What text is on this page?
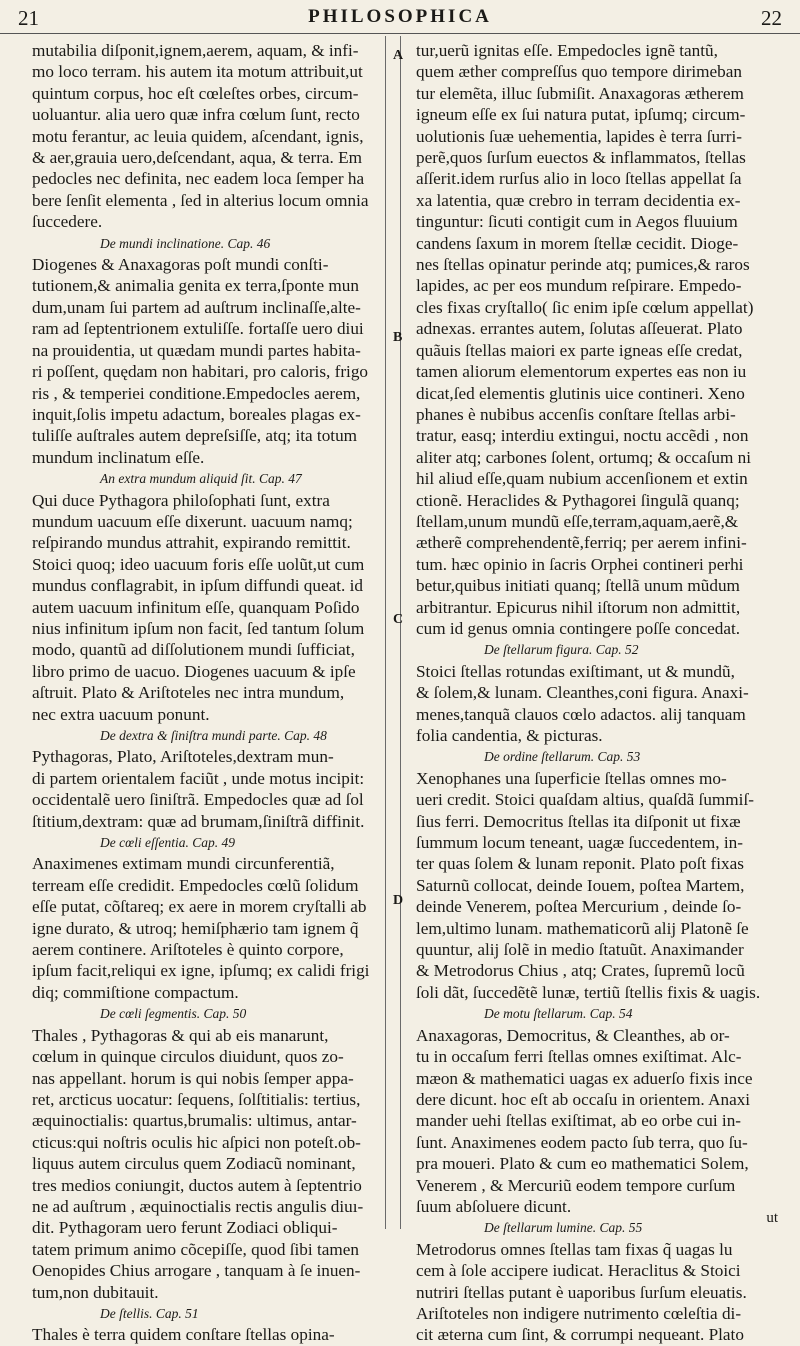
21	PHILOSOPHICA	22
A
B
C
D
mutabilia diſponit,ignem,aerem, aquam, & infi-
mo loco terram. his autem ita motum attribuit,ut
quintum corpus, hoc eſt cœleſtes orbes, circum-
uoluantur. alia uero quæ infra cœlum ſunt, recto
motu ferantur, ac leuia quidem, aſcendant, ignis,
& aer,grauia uero,deſcendant, aqua, & terra. Em
pedocles nec definita, nec eadem loca ſemper ha
bere ſenſit elementa , ſed in alterius locum omnia
ſuccedere.
De mundi inclinatione. Cap. 46
Diogenes & Anaxagoras poſt mundi conſti-
tutionem,& animalia genita ex terra,ſponte mun
dum,unam ſui partem ad auſtrum inclinaſſe,alte-
ram ad ſeptentrionem extuliſſe. fortaſſe uero diui
na prouidentia, ut quædam mundi partes habita-
ri poſſent, quędam non habitari, pro caloris, frigo
ris , & temperiei conditione.Empedocles aerem,
inquit,ſolis impetu adactum, boreales plagas ex-
tuliſſe auſtrales autem depreſsiſſe, atq; ita totum
mundum inclinatum eſſe.
An extra mundum aliquid ſit. Cap. 47
Qui duce Pythagora philoſophati ſunt, extra
mundum uacuum eſſe dixerunt. uacuum namq;
reſpirando mundus attrahit, expirando remittit.
Stoici quoq; ideo uacuum foris eſſe uolũt,ut cum
mundus conflagrabit, in ipſum diffundi queat. id
autem uacuum infinitum eſſe, quanquam Poſido
nius infinitum ipſum non facit, ſed tantum ſolum
modo, quantũ ad diſſolutionem mundi ſufficiat,
libro primo de uacuo. Diogenes uacuum & ipſe
aſtruit. Plato & Ariſtoteles nec intra mundum,
nec extra uacuum ponunt.
De dextra & ſiniſtra mundi parte. Cap. 48
Pythagoras, Plato, Ariſtoteles,dextram mun-
di partem orientalem faciũt , unde motus incipit:
occidentalẽ uero ſiniſtrã. Empedocles quæ ad ſol
ſtitium,dextram: quæ ad brumam,ſiniſtrã diffinit.
De cœli eſſentia. Cap. 49
Anaximenes extimam mundi circunferentiã,
terream eſſe credidit. Empedocles cœlũ ſolidum
eſſe putat, cõſtareq; ex aere in morem cryſtalli ab
igne durato, & utroq; hemiſphærio tam ignem q̃
aerem continere. Ariſtoteles è quinto corpore,
ipſum facit,reliqui ex igne, ipſumq; ex calidi frigi
diq; commiſtione compactum.
De cœli ſegmentis. Cap. 50
Thales , Pythagoras & qui ab eis manarunt,
cœlum in quinque circulos diuidunt, quos zo-
nas appellant. horum is qui nobis ſemper appa-
ret, arcticus uocatur: ſequens, ſolſtitialis: tertius,
æquinoctialis: quartus,brumalis: ultimus, antar-
cticus:qui noſtris oculis hic aſpici non poteſt.ob-
liquus autem circulus quem Zodiacũ nominant,
tres medios coniungit, ductos autem à ſeptentrio
ne ad auſtrum , æquinoctialis rectis angulis diuı-
dit. Pythagoram uero ferunt Zodiaci obliqui-
tatem primum animo cõcepiſſe, quod ſibi tamen
Oenopides Chius arrogare , tanquam à ſe inuen-
tum,non dubitauit.
De ſtellis. Cap. 51
Thales è terra quidem conſtare ſtellas opina-
tur,uerũ ignitas eſſe. Empedocles ignẽ tantũ,
quem æther compreſſus quo tempore dirimeban
tur elemẽta, illuc ſubmiſit. Anaxagoras ætherem
igneum eſſe ex ſui natura putat, ipſumq; circum-
uolutionis ſuæ uehementia, lapides è terra ſurri-
perẽ,quos ſurſum euectos & inflammatos, ſtellas
aſſerit.idem rurſus alio in loco ſtellas appellat ſa
xa latentia, quæ crebro in terram decidentia ex-
tinguntur: ſicuti contigit cum in Aegos fluuium
candens ſaxum in morem ſtellæ cecidit. Dioge-
nes ſtellas opinatur perinde atq; pumices,& raros
lapides, ac per eos mundum reſpirare. Empedo-
cles fixas cryſtallo( ſic enim ipſe cœlum appellat)
adnexas. errantes autem, ſolutas aſſeuerat. Plato
quãuis ſtellas maiori ex parte igneas eſſe credat,
tamen aliorum elementorum expertes eas non iu
dicat,ſed elementis glutinis uice contineri. Xeno
phanes è nubibus accenſis conſtare ſtellas arbi-
tratur, easq; interdiu extingui, noctu accẽdi , non
aliter atq; carbones ſolent, ortumq; & occaſum ni
hil aliud eſſe,quam nubium accenſionem et extin
ctionẽ. Heraclides & Pythagorei ſingulã quanq;
ſtellam,unum mundũ eſſe,terram,aquam,aerẽ,&
ætherẽ comprehendentẽ,ferriq; per aerem infini-
tum. hæc opinio in ſacris Orphei contineri perhi
betur,quibus initiati quanq; ſtellã unum mũdum
arbitrantur. Epicurus nihil iſtorum non admittit,
cum id genus omnia contingere poſſe concedat.
De ſtellarum figura. Cap. 52
Stoici ſtellas rotundas exiſtimant, ut & mundũ,
& ſolem,& lunam. Cleanthes,coni figura. Anaxi-
menes,tanquã clauos cœlo adactos. alij tanquam
folia candentia, & picturas.
De ordine ſtellarum. Cap. 53
Xenophanes una ſuperficie ſtellas omnes mo-
ueri credit. Stoici quaſdam altius, quaſdã ſummiſ-
ſius ferri. Democritus ſtellas ita diſponit ut fixæ
ſummum locum teneant, uagæ ſuccedentem, in-
ter quas ſolem & lunam reponit. Plato poſt fixas
Saturnũ collocat, deinde Iouem, poſtea Martem,
deinde Venerem, poſtea Mercurium , deinde ſo-
lem,ultimo lunam. mathematicorũ alij Platonẽ ſe
quuntur, alij ſolẽ in medio ſtatuũt. Anaximander
& Metrodorus Chius , atq; Crates, ſupremũ locũ
ſoli dãt, ſuccedẽtẽ lunæ, tertiũ ſtellis fixis & uagis.
De motu ſtellarum. Cap. 54
Anaxagoras, Democritus, & Cleanthes, ab or-
tu in occaſum ferri ſtellas omnes exiſtimat. Alc-
mæon & mathematici uagas ex aduerſo fixis ince
dere dicunt. hoc eſt ab occaſu in orientem. Anaxi
mander uehi ſtellas exiſtimat, ab eo orbe cui in-
ſunt. Anaximenes eodem pacto ſub terra, quo ſu-
pra moueri. Plato & cum eo mathematici Solem,
Venerem , & Mercuriũ eodem tempore curſum
ſuum abſoluere dicunt.
De ſtellarum lumine. Cap. 55
Metrodorus omnes ſtellas tam fixas q̃ uagas lu
cem à ſole accipere iudicat. Heraclitus & Stoici
nutriri ſtellas putant è uaporibus ſurſum eleuatis.
Ariſtoteles non indigere nutrimento cœleſtia di-
cit æterna cum ſint, & corrumpi nequeant. Plato
ut
